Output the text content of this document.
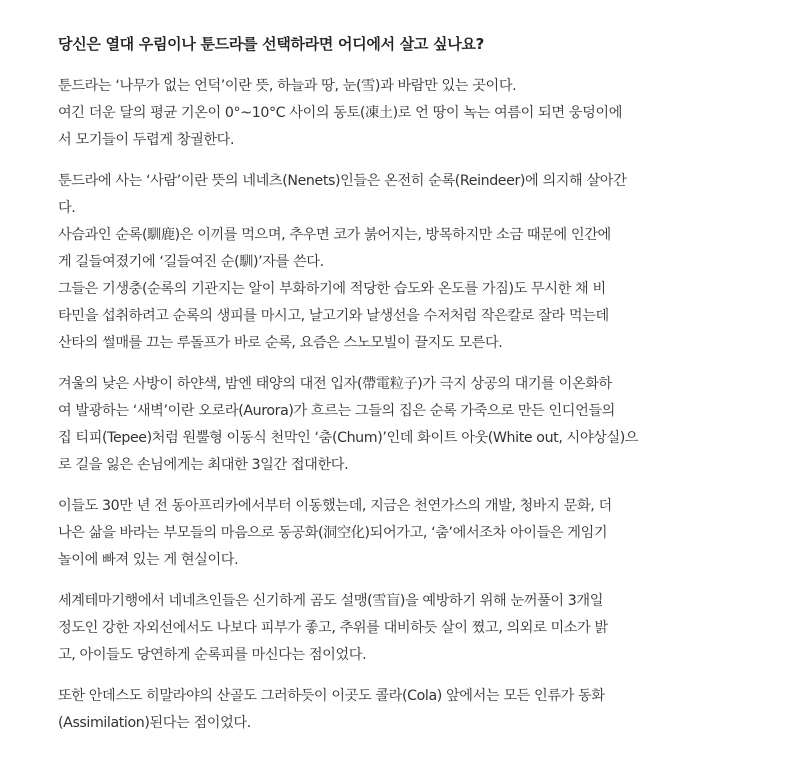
당신은 열대 우림이나 툰드라를 선택하라면 어디에서 살고 싶나요?
툰드라는 ‘나무가 없는 언덕’이란 뜻, 하늘과 땅, 눈(雪)과 바람만 있는 곳이다.
여긴 더운 달의 평균 기온이 0°~10°C 사이의 동토(凍土)로 언 땅이 녹는 여름이 되면 웅덩이에
서 모기들이 두렵게 창궐한다.
툰드라에 사는 ‘사람’이란 뜻의 네네츠(Nenets)인들은 온전히 순록(Reindeer)에 의지해 살아간
다.
사슴과인 순록(馴鹿)은 이끼를 먹으며, 추우면 코가 붉어지는, 방목하지만 소금 때문에 인간에
게 길들여졌기에 ‘길들여진 순(馴)’자를 쓴다.
그들은 기생충(순록의 기관지는 알이 부화하기에 적당한 습도와 온도를 가짐)도 무시한 채 비
타민을 섭취하려고 순록의 생피를 마시고, 날고기와 날생선을 수저처럼 작은칼로 잘라 먹는데
산타의 썰매를 끄는 루돌프가 바로 순록, 요즘은 스노모빌이 끌지도 모른다.
겨울의 낮은 사방이 하얀색, 밤엔 태양의 대전 입자(帶電粒子)가 극지 상공의 대기를 이온화하
여 발광하는 ‘새벽’이란 오로라(Aurora)가 흐르는 그들의 집은 순록 가죽으로 만든 인디언들의
집 티피(Tepee)처럼 원뿔형 이동식 천막인 ‘춤(Chum)’인데 화이트 아웃(White out, 시야상실)으
로 길을 잃은 손님에게는 최대한 3일간 접대한다.
이들도 30만 년 전 동아프리카에서부터 이동했는데, 지금은 천연가스의 개발, 청바지 문화, 더
나은 삶을 바라는 부모들의 마음으로 동공화(洞空化)되어가고, ‘춤’에서조차 아이들은 게임기
놀이에 빠져 있는 게 현실이다.
세계테마기행에서 네네츠인들은 신기하게 곰도 설맹(雪盲)을 예방하기 위해 눈꺼풀이 3개일
정도인 강한 자외선에서도 나보다 피부가 좋고, 추위를 대비하듯 살이 쪘고, 의외로 미소가 밝
고, 아이들도 당연하게 순록피를 마신다는 점이었다.
또한 안데스도 히말라야의 산골도 그러하듯이 이곳도 콜라(Cola) 앞에서는 모든 인류가 동화
(Assimilation)된다는 점이었다.
